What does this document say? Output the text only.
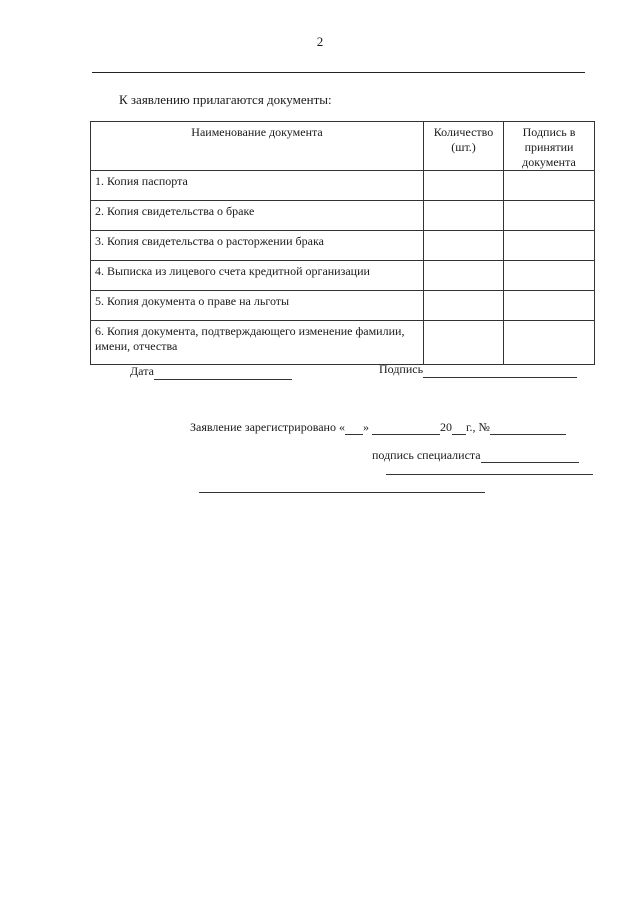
2
К заявлению прилагаются документы:
Наименование документа	Количество (шт.)	Подпись в принятии документа
1. Копия паспорта		
2. Копия свидетельства о браке		
3. Копия свидетельства о расторжении брака		
4. Выписка из лицевого счета кредитной организации		
5. Копия документа о праве на льготы		
6. Копия документа, подтверждающего изменение фамилии, имени, отчества		
Дата	Подпись
Заявление зарегистрировано « »	20 г., №
подпись специалиста
